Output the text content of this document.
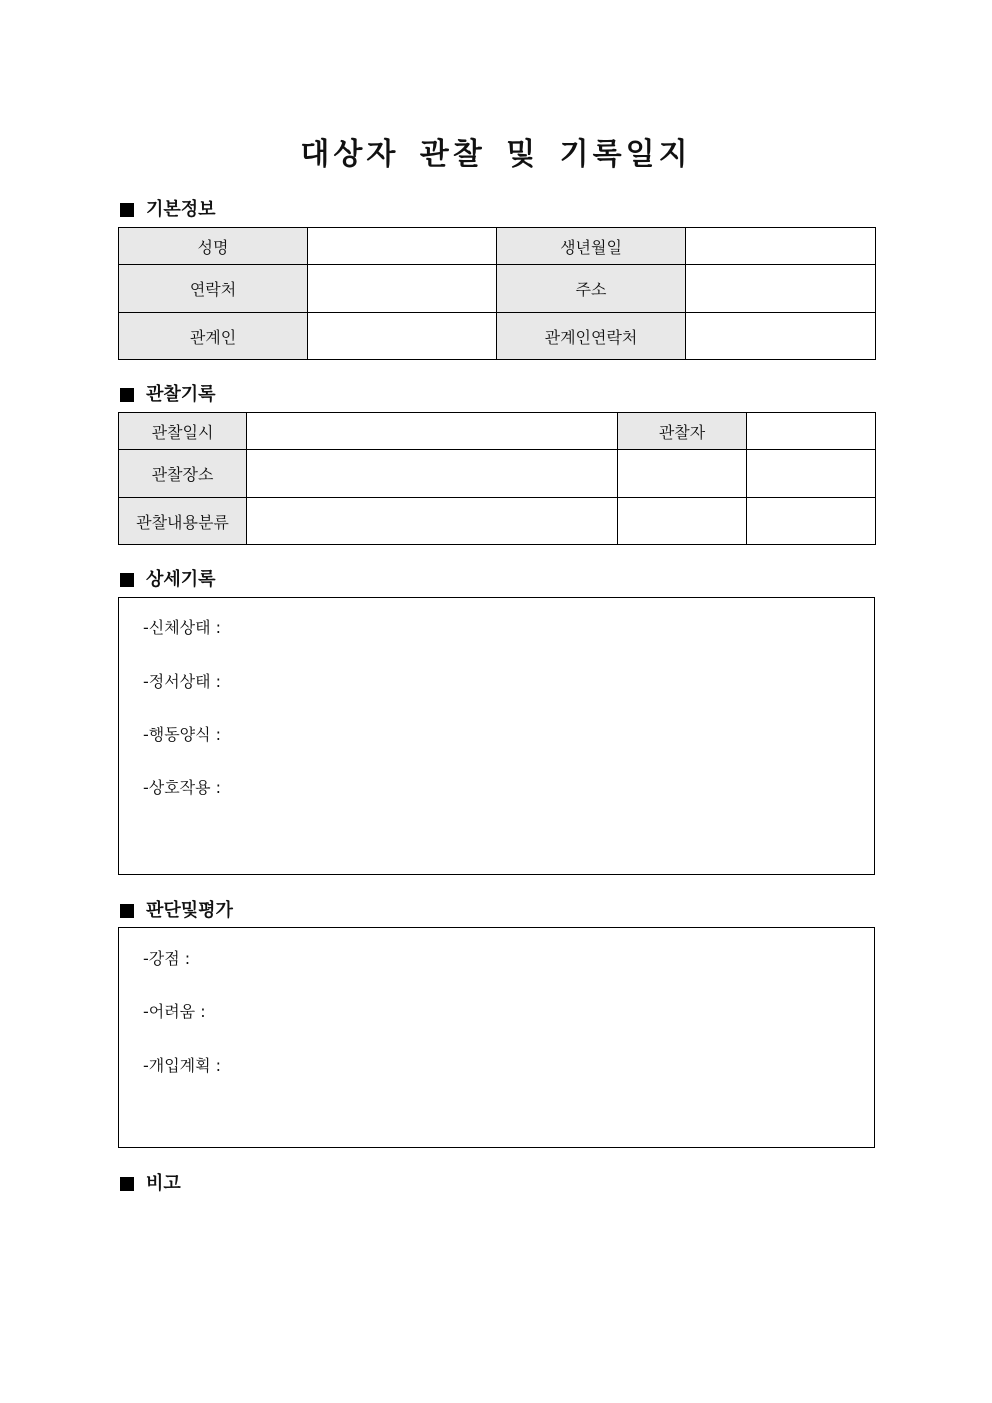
대상자 관찰 및 기록일지
기본정보
성명		생년월일	
연락처		주소	
관계인		관계인연락처	
관찰기록
관찰일시		관찰자	
관찰장소			
관찰내용분류			
상세기록
-신체상태 :
-정서상태 :
-행동양식 :
-상호작용 :
판단및평가
-강점 :
-어려움 :
-개입계획 :
비고
